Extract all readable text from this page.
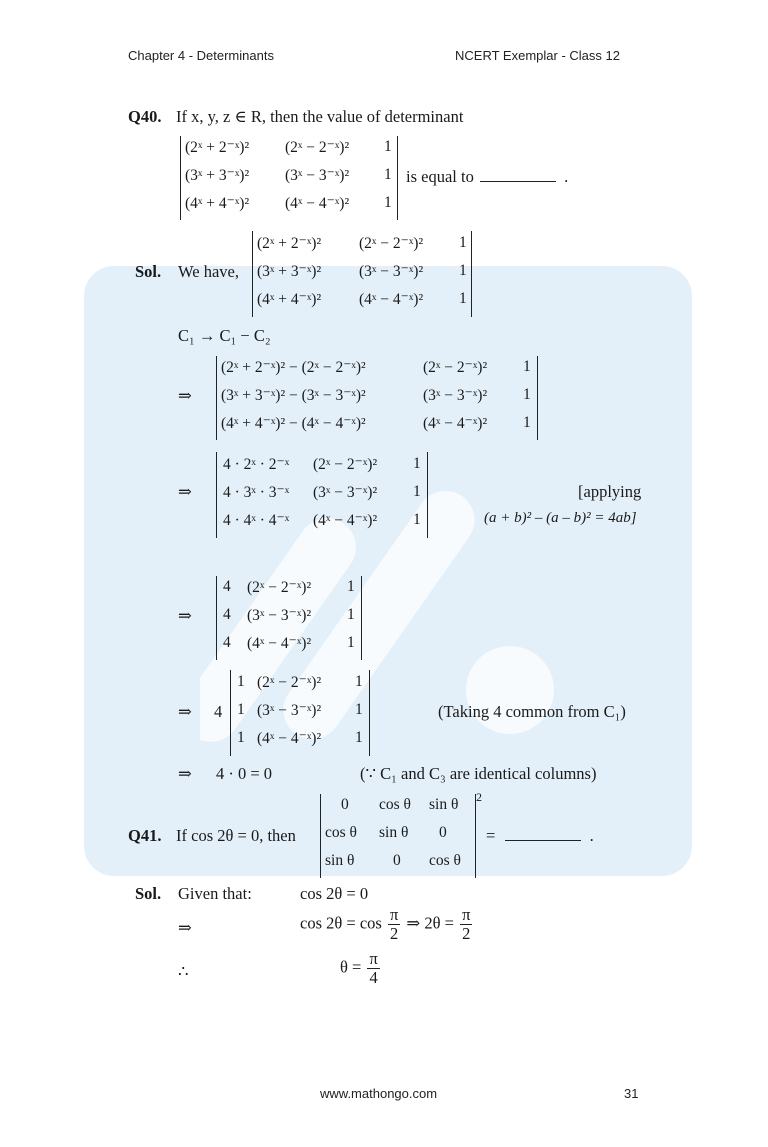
Chapter 4 - Determinants	NCERT Exemplar - Class 12
Q40. If x, y, z ∈ R, then the value of determinant
(2ˣ + 2⁻ˣ)² (2ˣ − 2⁻ˣ)² 1
(3ˣ + 3⁻ˣ)² (3ˣ − 3⁻ˣ)² 1
(4ˣ + 4⁻ˣ)² (4ˣ − 4⁻ˣ)² 1
is equal to	.
Sol. We have,
(2ˣ + 2⁻ˣ)² (2ˣ − 2⁻ˣ)² 1
(3ˣ + 3⁻ˣ)² (3ˣ − 3⁻ˣ)² 1
(4ˣ + 4⁻ˣ)² (4ˣ − 4⁻ˣ)² 1
C₁ → C₁ − C₂
⇒
(2ˣ + 2⁻ˣ)² − (2ˣ − 2⁻ˣ)²	(2ˣ − 2⁻ˣ)² 1
(3ˣ + 3⁻ˣ)² − (3ˣ − 3⁻ˣ)²	(3ˣ − 3⁻ˣ)² 1
(4ˣ + 4⁻ˣ)² − (4ˣ − 4⁻ˣ)²	(4ˣ − 4⁻ˣ)² 1
⇒
4 · 2ˣ · 2⁻ˣ (2ˣ − 2⁻ˣ)² 1
4 · 3ˣ · 3⁻ˣ (3ˣ − 3⁻ˣ)² 1
4 · 4ˣ · 4⁻ˣ (4ˣ − 4⁻ˣ)² 1
[applying
(a + b)² – (a – b)² = 4ab]
⇒
4 (2ˣ − 2⁻ˣ)² 1
4 (3ˣ − 3⁻ˣ)² 1
4 (4ˣ − 4⁻ˣ)² 1
⇒ 4
1 (2ˣ − 2⁻ˣ)² 1
1 (3ˣ − 3⁻ˣ)² 1
1 (4ˣ − 4⁻ˣ)² 1
(Taking 4 common from C₁)
⇒ 4 · 0 = 0	(∵ C₁ and C₃ are identical columns)
Q41. If cos 2θ = 0, then
0 cos θ sin θ
cos θ sin θ 0
sin θ 0 cos θ
2
=	.
Sol. Given that:	cos 2θ = 0
⇒	$\cos 2\theta = \cos \frac{\pi}{2}$ ⇒ $2\theta = \frac{\pi}{2}$
∴	$\theta = \frac{\pi}{4}$
www.mathongo.com	31
